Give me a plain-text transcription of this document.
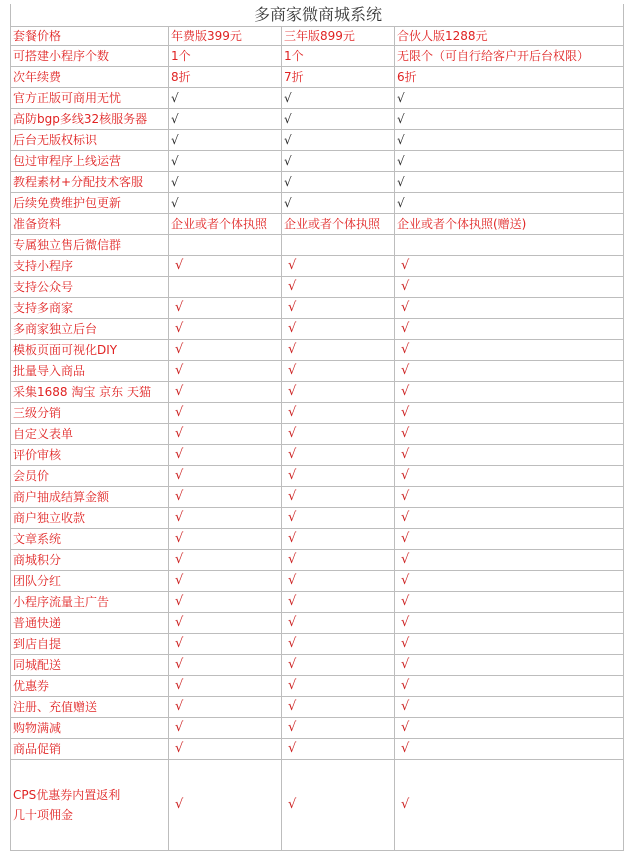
多商家微商城系统			
套餐价格	年费版399元	三年版899元	合伙人版1288元
可搭建小程序个数	1个	1个	无限个（可自行给客户开后台权限）
次年续费	8折	7折	6折
官方正版可商用无忧	√	√	√
高防bgp多线32核服务器	√	√	√
后台无版权标识	√	√	√
包过审程序上线运营	√	√	√
教程素材+分配技术客服	√	√	√
后续免费维护包更新	√	√	√
准备资料	企业或者个体执照	企业或者个体执照	企业或者个体执照(赠送)
专属独立售后微信群			
支持小程序	√	√	√
支持公众号		√	√
支持多商家	√	√	√
多商家独立后台	√	√	√
模板页面可视化DIY	√	√	√
批量导入商品	√	√	√
采集1688 淘宝 京东 天猫	√	√	√
三级分销	√	√	√
自定义表单	√	√	√
评价审核	√	√	√
会员价	√	√	√
商户抽成结算金额	√	√	√
商户独立收款	√	√	√
文章系统	√	√	√
商城积分	√	√	√
团队分红	√	√	√
小程序流量主广告	√	√	√
普通快递	√	√	√
到店自提	√	√	√
同城配送	√	√	√
优惠券	√	√	√
注册、充值赠送	√	√	√
购物满减	√	√	√
商品促销	√	√	√

CPS优惠券内置返利
几十项佣金	√	√	√
